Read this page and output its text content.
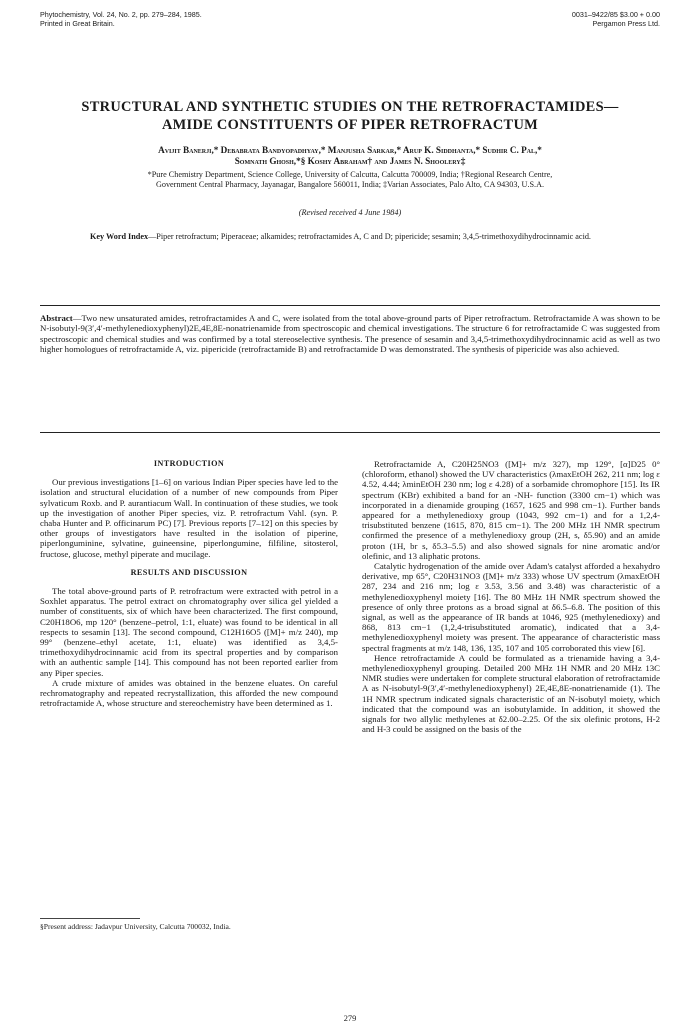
Phytochemistry, Vol. 24, No. 2, pp. 279–284, 1985.
Printed in Great Britain.
0031–9422/85 $3.00 + 0.00
Pergamon Press Ltd.
STRUCTURAL AND SYNTHETIC STUDIES ON THE RETROFRACTAMIDES—
AMIDE CONSTITUENTS OF PIPER RETROFRACTUM
Avijit Banerji,* Debabrata Bandyopadhyay,* Manjusha Sarkar,* Arup K. Siddhanta,* Sudhir C. Pal,*
Somnath Ghosh,*§ Koshy Abraham† and James N. Shoolery‡
*Pure Chemistry Department, Science College, University of Calcutta, Calcutta 700009, India; †Regional Research Centre,
Government Central Pharmacy, Jayanagar, Bangalore 560011, India; ‡Varian Associates, Palo Alto, CA 94303, U.S.A.
(Revised received 4 June 1984)
Key Word Index—Piper retrofractum; Piperaceae; alkamides; retrofractamides A, C and D; pipericide; sesamin; 3,4,5-trimethoxydihydrocinnamic acid.
Abstract—Two new unsaturated amides, retrofractamides A and C, were isolated from the total above-ground parts of Piper retrofractum. Retrofractamide A was shown to be N-isobutyl-9(3′,4′-methylenedioxyphenyl)2E,4E,8E-nonatrienamide from spectroscopic and chemical investigations. The structure 6 for retrofractamide C was suggested from spectroscopic and chemical studies and was confirmed by a total stereoselective synthesis. The presence of sesamin and 3,4,5-trimethoxydihydrocinnamic acid as well as two higher homologues of retrofractamide A, viz. pipericide (retrofractamide B) and retrofractamide D was demonstrated. The synthesis of pipericide was also achieved.
INTRODUCTION

Our previous investigations [1–6] on various Indian Piper species have led to the isolation and structural elucidation of a number of new compounds from Piper sylvaticum Roxb. and P. aurantiacum Wall. In continuation of these studies, we took up the investigation of another Piper species, viz. P. retrofractum Vahl. (syn. P. chaba Hunter and P. officinarum PC) [7]. Previous reports [7–12] on this species by other groups of investigators have resulted in the isolation of piperine, piperlonguminine, sylvatine, guineensine, piperlongumine, filfiline, sitosterol, fructose, glucose, methyl piperate and mucilage.

RESULTS AND DISCUSSION

The total above-ground parts of P. retrofractum were extracted with petrol in a Soxhlet apparatus. The petrol extract on chromatography over silica gel yielded a number of constituents, six of which have been characterized. The first compound, C20H18O6, mp 120° (benzene–petrol, 1:1, eluate) was found to be identical in all respects to sesamin [13]. The second compound, C12H16O5 ([M]+ m/z 240), mp 99° (benzene–ethyl acetate, 1:1, eluate) was identified as 3,4,5-trimethoxydihydrocinnamic acid from its spectral properties and by comparison with an authentic sample [14]. This compound has not been reported earlier from any Piper species.

A crude mixture of amides was obtained in the benzene eluates. On careful rechromatography and repeated recrystallization, this afforded the new compound retrofractamide A, whose structure and stereochemistry have been determined as 1.

§Present address: Jadavpur University, Calcutta 700032, India.

Retrofractamide A, C20H25NO3 ([M]+ m/z 327), mp 129°, [α]D25 0° (chloroform, ethanol) showed the UV characteristics (λmaxEtOH 262, 211 nm; log ε 4.52, 4.44; λminEtOH 230 nm; log ε 4.28) of a sorbamide chromophore [15]. Its IR spectrum (KBr) exhibited a band for an -NH- function (3300 cm−1) which was incorporated in a dienamide grouping (1657, 1625 and 998 cm−1). Further bands appeared for a methylenedioxy group (1043, 992 cm−1) and for a 1,2,4-trisubstituted benzene (1615, 870, 815 cm−1). The 200 MHz 1H NMR spectrum confirmed the presence of a methylenedioxy group (2H, s, δ5.90) and an amide proton (1H, br s, δ5.3–5.5) and also showed signals for nine aromatic and/or olefinic, and 13 aliphatic protons.

Catalytic hydrogenation of the amide over Adam's catalyst afforded a hexahydro derivative, mp 65°, C20H31NO3 ([M]+ m/z 333) whose UV spectrum (λmaxEtOH 287, 234 and 216 nm; log ε 3.53, 3.56 and 3.48) was characteristic of a methylenedioxyphenyl moiety [16]. The 80 MHz 1H NMR spectrum showed the presence of only three protons as a broad signal at δ6.5–6.8. The position of this signal, as well as the appearance of IR bands at 1046, 925 (methylenedioxy) and 868, 813 cm−1 (1,2,4-trisubstituted aromatic), indicated that a 3,4-methylenedioxyphenyl moiety was present. The appearance of characteristic mass spectral fragments at m/z 148, 136, 135, 107 and 105 corroborated this view [6].

Hence retrofractamide A could be formulated as a trienamide having a 3,4-methylenedioxyphenyl grouping. Detailed 200 MHz 1H NMR and 20 MHz 13C NMR studies were undertaken for complete structural elaboration of retrofractamide A as N-isobutyl-9(3′,4′-methylenedioxyphenyl) 2E,4E,8E-nonatrienamide (1). The 1H NMR spectrum indicated signals characteristic of an N-isobutyl moiety, which indicated that the compound was an isobutylamide. In addition, it showed the signals for two allylic methylenes at δ2.00–2.25. Of the six olefinic protons, H-2 and H-3 could be assigned on the basis of the

279
